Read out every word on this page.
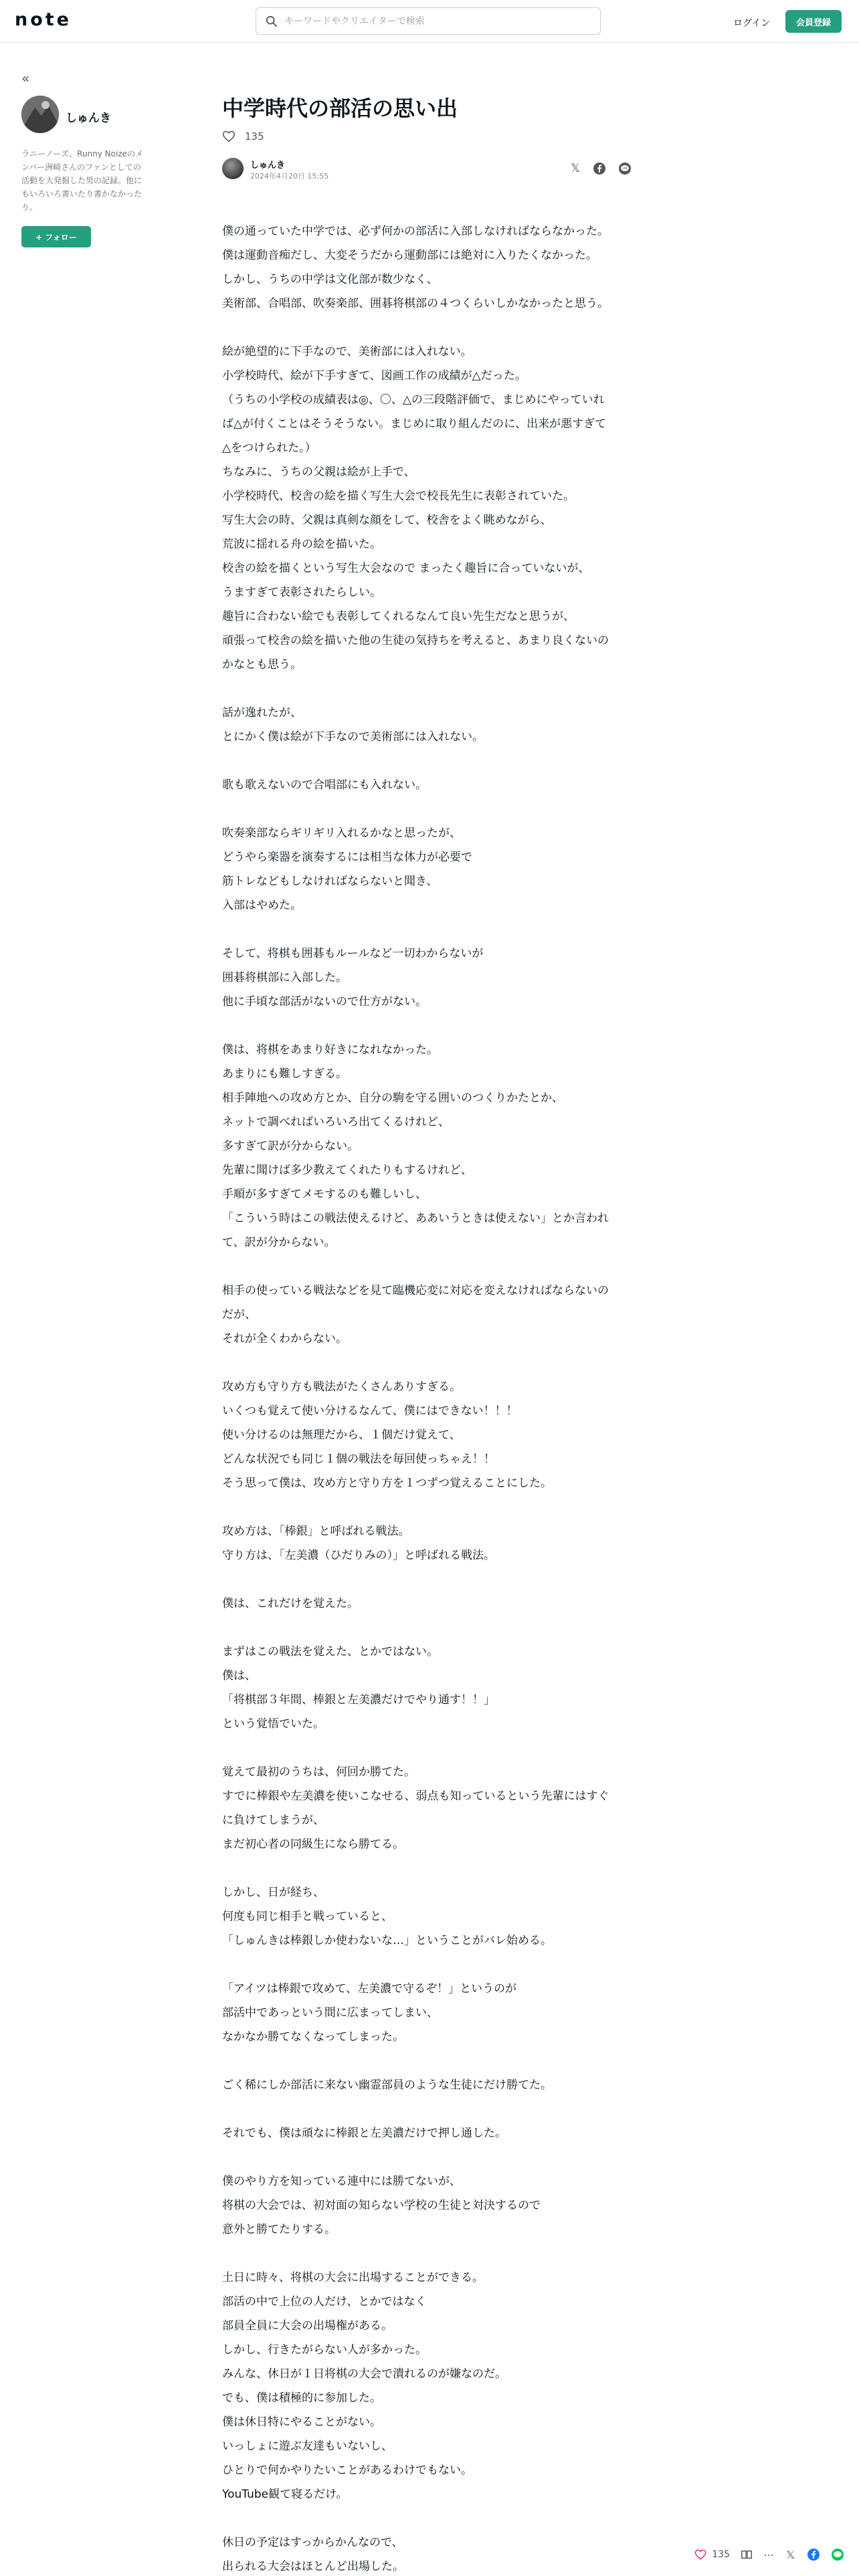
note
キーワードやクリエイターで検索	ログイン	会員登録
«
しゅんき
ラニーノーズ、Runny Noizeのメンバー洲崎さんのファンとしての活動を大発掘した男の記録。他にもいろいろ書いたり書かなかったり。
+ フォロー
中学時代の部活の思い出
135
しゅんき
2024年4月20日 15:55
𝕏	LINE

僕の通っていた中学では、必ず何かの部活に入部しなければならなかった。

僕は運動音痴だし、大変そうだから運動部には絶対に入りたくなかった。

しかし、うちの中学は文化部が数少なく、

美術部、合唱部、吹奏楽部、囲碁将棋部の４つくらいしかなかったと思う。

絵が絶望的に下手なので、美術部には入れない。

小学校時代、絵が下手すぎて、図画工作の成績が△だった。

（うちの小学校の成績表は◎、〇、△の三段階評価で、まじめにやっていれ

ば△が付くことはそうそうない。まじめに取り組んだのに、出来が悪すぎて

△をつけられた。）

ちなみに、うちの父親は絵が上手で、

小学校時代、校舎の絵を描く写生大会で校長先生に表彰されていた。

写生大会の時、父親は真剣な顔をして、校舎をよく眺めながら、

荒波に揺れる舟の絵を描いた。

校舎の絵を描くという写生大会なので まったく趣旨に合っていないが、

うますぎて表彰されたらしい。

趣旨に合わない絵でも表彰してくれるなんて良い先生だなと思うが、

頑張って校舎の絵を描いた他の生徒の気持ちを考えると、あまり良くないの

かなとも思う。

話が逸れたが、

とにかく僕は絵が下手なので美術部には入れない。

歌も歌えないので合唱部にも入れない。

吹奏楽部ならギリギリ入れるかなと思ったが、

どうやら楽器を演奏するには相当な体力が必要で

筋トレなどもしなければならないと聞き、

入部はやめた。

そして、将棋も囲碁もルールなど一切わからないが

囲碁将棋部に入部した。

他に手頃な部活がないので仕方がない。

僕は、将棋をあまり好きになれなかった。

あまりにも難しすぎる。

相手陣地への攻め方とか、自分の駒を守る囲いのつくりかたとか、

ネットで調べればいろいろ出てくるけれど、

多すぎて訳が分からない。

先輩に聞けば多少教えてくれたりもするけれど、

手順が多すぎてメモするのも難しいし、

「こういう時はこの戦法使えるけど、ああいうときは使えない」とか言われ

て、訳が分からない。

相手の使っている戦法などを見て臨機応変に対応を変えなければならないの

だが、

それが全くわからない。

攻め方も守り方も戦法がたくさんありすぎる。

いくつも覚えて使い分けるなんて、僕にはできない！！！

使い分けるのは無理だから、１個だけ覚えて、

どんな状況でも同じ１個の戦法を毎回使っちゃえ！！

そう思って僕は、攻め方と守り方を１つずつ覚えることにした。

攻め方は、「棒銀」と呼ばれる戦法。

守り方は、「左美濃（ひだりみの）」と呼ばれる戦法。

僕は、これだけを覚えた。

まずはこの戦法を覚えた、とかではない。

僕は、

「将棋部３年間、棒銀と左美濃だけでやり通す！！」

という覚悟でいた。

覚えて最初のうちは、何回か勝てた。

すでに棒銀や左美濃を使いこなせる、弱点も知っているという先輩にはすぐ

に負けてしまうが、

まだ初心者の同級生になら勝てる。

しかし、日が経ち、

何度も同じ相手と戦っていると、

「しゅんきは棒銀しか使わないな…」ということがバレ始める。

「アイツは棒銀で攻めて、左美濃で守るぞ！」というのが

部活中であっという間に広まってしまい、

なかなか勝てなくなってしまった。

ごく稀にしか部活に来ない幽霊部員のような生徒にだけ勝てた。

それでも、僕は頑なに棒銀と左美濃だけで押し通した。

僕のやり方を知っている連中には勝てないが、

将棋の大会では、初対面の知らない学校の生徒と対決するので

意外と勝てたりする。

土日に時々、将棋の大会に出場することができる。

部活の中で上位の人だけ、とかではなく

部員全員に大会の出場権がある。

しかし、行きたがらない人が多かった。

みんな、休日が１日将棋の大会で潰れるのが嫌なのだ。

でも、僕は積極的に参加した。

僕は休日特にやることがない。

いっしょに遊ぶ友達もいないし、

ひとりで何かやりたいことがあるわけでもない。

YouTube観て寝るだけ。

休日の予定はすっからかんなので、

出られる大会はほとんど出場した。

135	⋯ 𝕏
